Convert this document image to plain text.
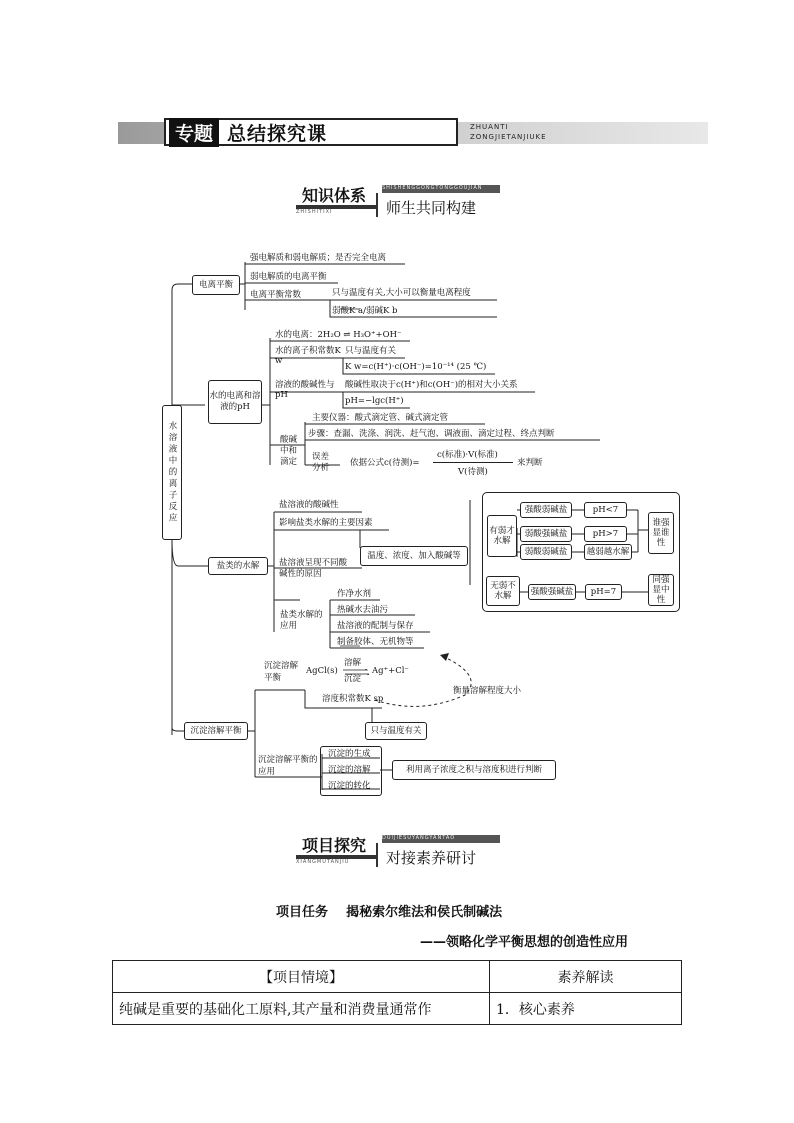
专题 总结探究课	ZHUANTI
ZONGJIETANJIUKE
知识体系	SHISHENGGONGTONGGOUJIAN
师生共同构建
ZHISHITIXI
水溶液中的离子反应
电离平衡
强电解质和弱电解质；是否完全电离
弱电解质的电离平衡
电离平衡常数	只与温度有关,大小可以衡量电离程度
弱酸K a/弱碱K b
水的电离和溶液的pH
水的电离：2H₂O ⇌ H₃O⁺+OH⁻
水的离子积常数K w
只与温度有关
K w=c(H⁺)·c(OH⁻)=10⁻¹⁴ (25 ℃)
溶液的酸碱性与pH
酸碱性取决于c(H⁺)和c(OH⁻)的相对大小关系
pH=−lgc(H⁺)
酸碱中和滴定
主要仪器：酸式滴定管、碱式滴定管
步骤：查漏、洗涤、润洗、赶气泡、调液面、滴定过程、终点判断
误差分析	依据公式c(待测)=
c(标准)·V(标准)
V(待测)
来判断
盐类的水解
盐溶液的酸碱性
影响盐类水解的主要因素
温度、浓度、加入酸碱等
盐溶液呈现不同酸碱性的原因
盐类水解的应用
作净水剂
热碱水去油污
盐溶液的配制与保存
制备胶体、无机物等
有弱才水解
强酸弱碱盐
弱酸强碱盐
弱酸弱碱盐
pH<7
pH>7
越弱越水解
谁强显谁性
无弱不水解	强酸强碱盐 pH=7
同强显中性
沉淀溶解平衡
沉淀溶解平衡
AgCl(s)
溶解
沉淀
Ag⁺+Cl⁻
衡量溶解程度大小
溶度积常数K sp
只与温度有关
沉淀溶解平衡的应用
沉淀的生成
沉淀的溶解
沉淀的转化
利用离子浓度之积与溶度积进行判断
项目探究	DUIJIESUYANGYANTAO
对接素养研讨
XIANGMUTANJIU
项目任务    揭秘索尔维法和侯氏制碱法
——领略化学平衡思想的创造性应用
【项目情境】	素养解读
纯碱是重要的基础化工原料,其产量和消费量通常作	1．核心素养
